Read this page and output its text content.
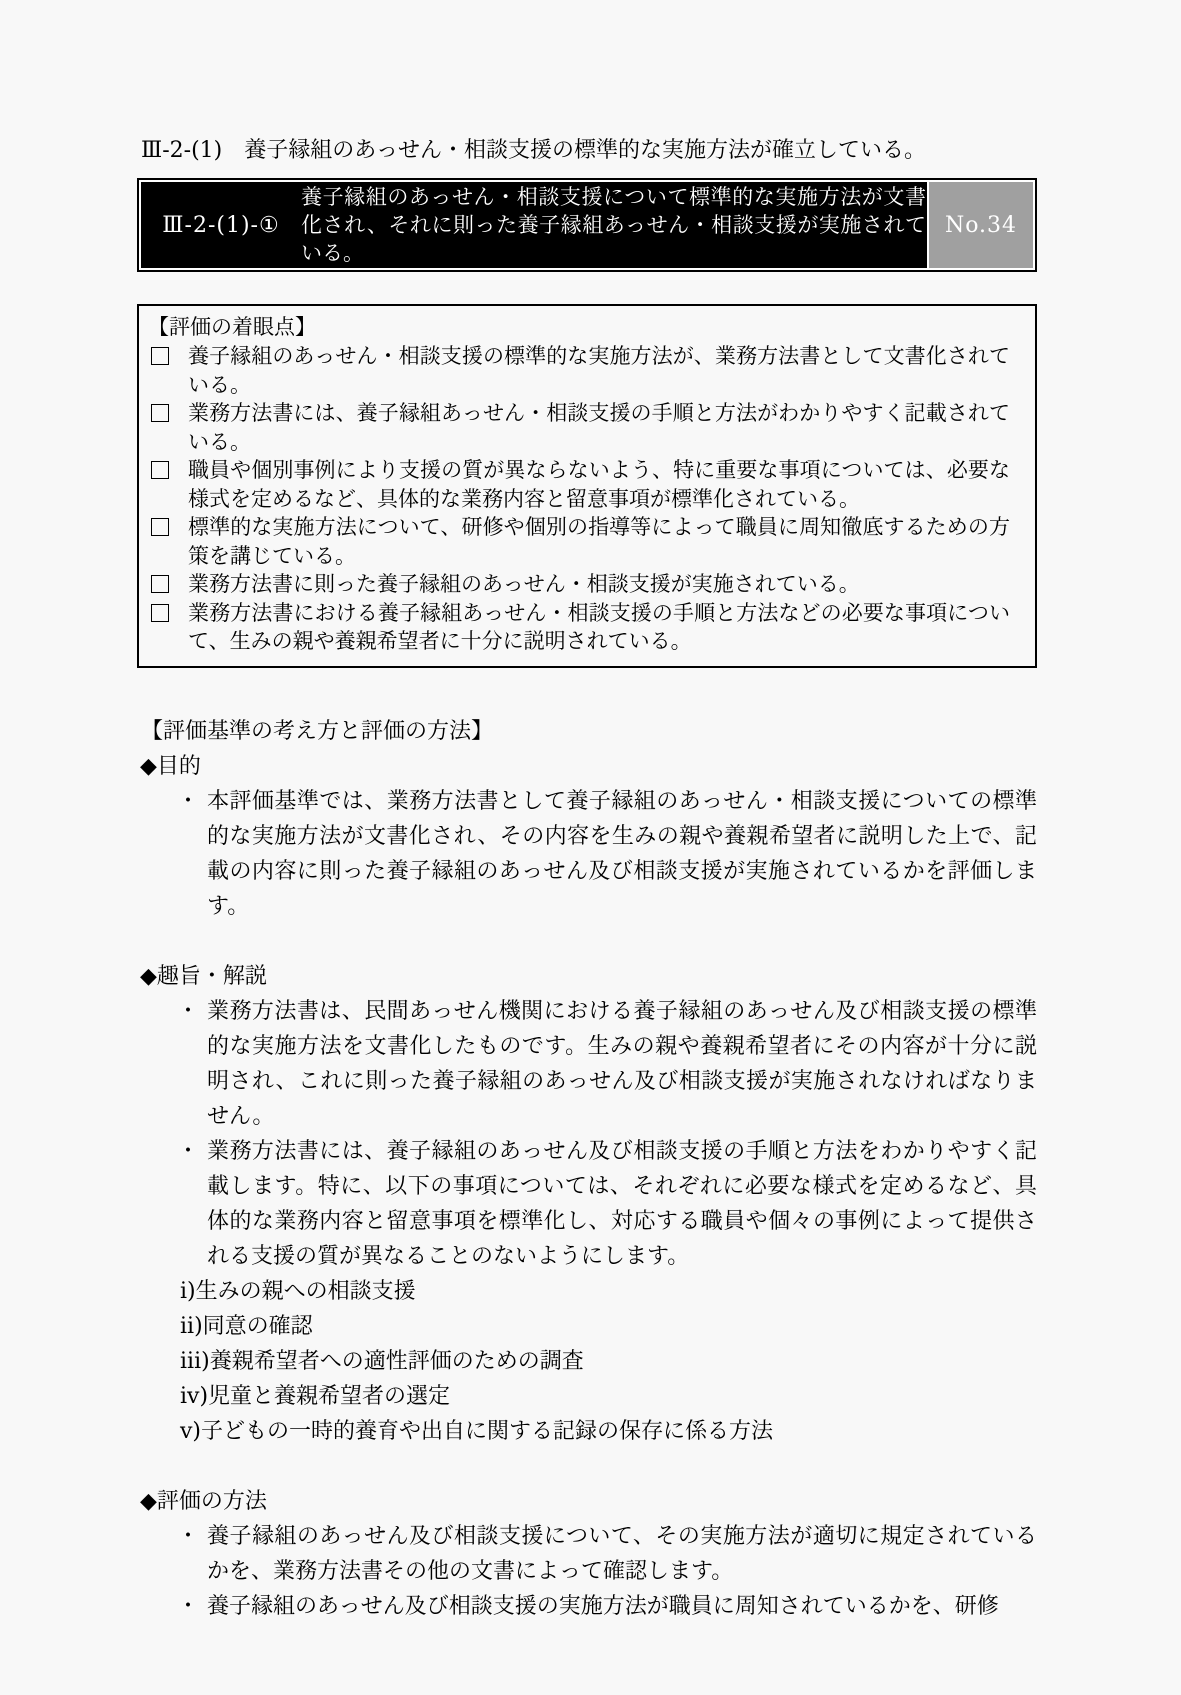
Ⅲ-2-(1)　養子縁組のあっせん・相談支援の標準的な実施方法が確立している。
Ⅲ-2-(1)-①
養子縁組のあっせん・相談支援について標準的な実施方法が文書化され、それに則った養子縁組あっせん・相談支援が実施されている。
No.34
【評価の着眼点】
養子縁組のあっせん・相談支援の標準的な実施方法が、業務方法書として文書化されている。
業務方法書には、養子縁組あっせん・相談支援の手順と方法がわかりやすく記載されている。
職員や個別事例により支援の質が異ならないよう、特に重要な事項については、必要な様式を定めるなど、具体的な業務内容と留意事項が標準化されている。
標準的な実施方法について、研修や個別の指導等によって職員に周知徹底するための方策を講じている。
業務方法書に則った養子縁組のあっせん・相談支援が実施されている。
業務方法書における養子縁組あっせん・相談支援の手順と方法などの必要な事項について、生みの親や養親希望者に十分に説明されている。
【評価基準の考え方と評価の方法】
◆目的
・ 本評価基準では、業務方法書として養子縁組のあっせん・相談支援についての標準的な実施方法が文書化され、その内容を生みの親や養親希望者に説明した上で、記載の内容に則った養子縁組のあっせん及び相談支援が実施されているかを評価します。
◆趣旨・解説
・ 業務方法書は、民間あっせん機関における養子縁組のあっせん及び相談支援の標準的な実施方法を文書化したものです。生みの親や養親希望者にその内容が十分に説明され、これに則った養子縁組のあっせん及び相談支援が実施されなければなりません。
・ 業務方法書には、養子縁組のあっせん及び相談支援の手順と方法をわかりやすく記載します。特に、以下の事項については、それぞれに必要な様式を定めるなど、具体的な業務内容と留意事項を標準化し、対応する職員や個々の事例によって提供される支援の質が異なることのないようにします。
i)生みの親への相談支援
ii)同意の確認
iii)養親希望者への適性評価のための調査
iv)児童と養親希望者の選定
v)子どもの一時的養育や出自に関する記録の保存に係る方法
◆評価の方法
・ 養子縁組のあっせん及び相談支援について、その実施方法が適切に規定されているかを、業務方法書その他の文書によって確認します。
・ 養子縁組のあっせん及び相談支援の実施方法が職員に周知されているかを、研修
